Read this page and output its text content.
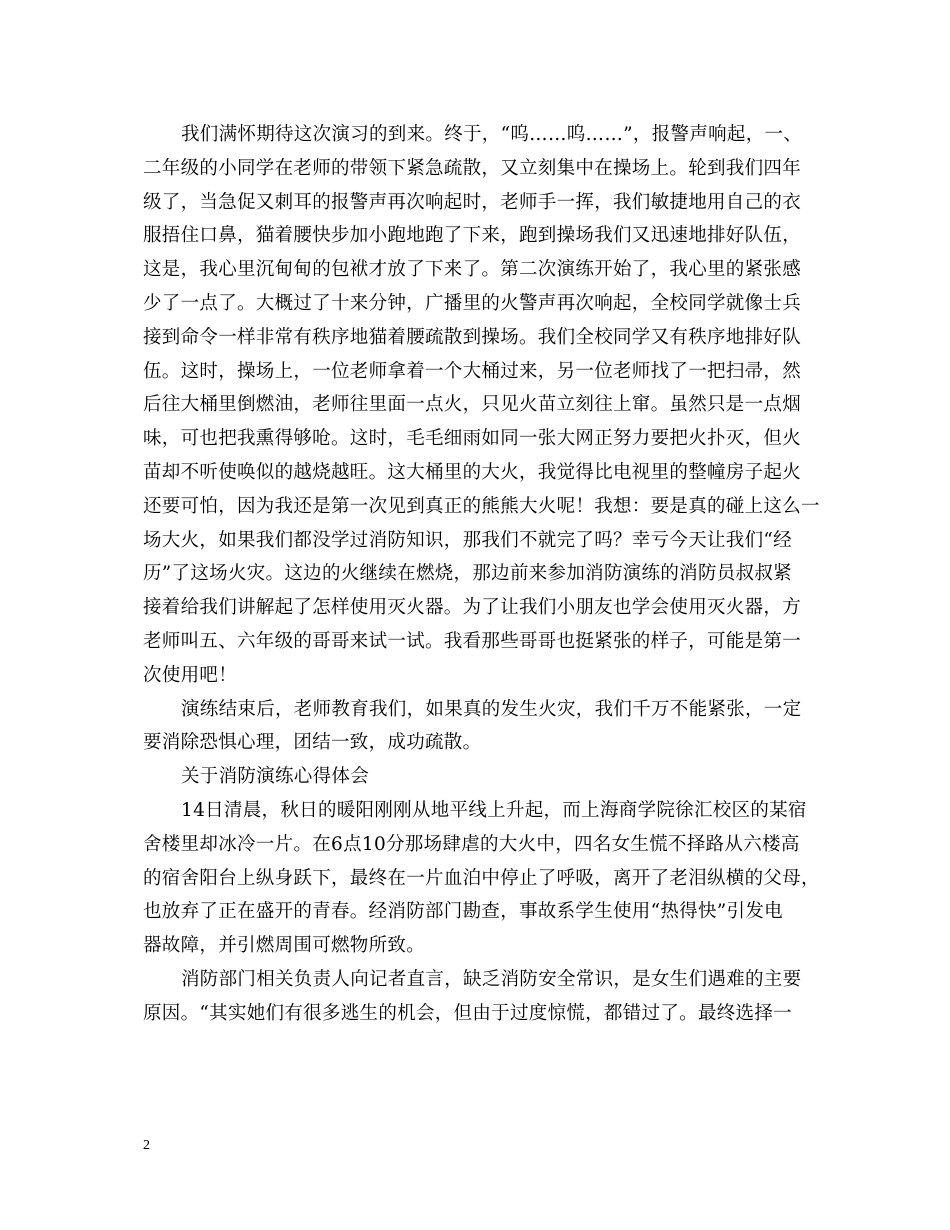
我们满怀期待这次演习的到来。终于，“呜……呜……”，报警声响起，一、
二年级的小同学在老师的带领下紧急疏散，又立刻集中在操场上。轮到我们四年
级了，当急促又刺耳的报警声再次响起时，老师手一挥，我们敏捷地用自己的衣
服捂住口鼻，猫着腰快步加小跑地跑了下来，跑到操场我们又迅速地排好队伍，
这是，我心里沉甸甸的包袱才放了下来了。第二次演练开始了，我心里的紧张感
少了一点了。大概过了十来分钟，广播里的火警声再次响起，全校同学就像士兵
接到命令一样非常有秩序地猫着腰疏散到操场。我们全校同学又有秩序地排好队
伍。这时，操场上，一位老师拿着一个大桶过来，另一位老师找了一把扫帚，然
后往大桶里倒燃油，老师往里面一点火，只见火苗立刻往上窜。虽然只是一点烟
味，可也把我熏得够呛。这时，毛毛细雨如同一张大网正努力要把火扑灭，但火
苗却不听使唤似的越烧越旺。这大桶里的大火，我觉得比电视里的整幢房子起火
还要可怕，因为我还是第一次见到真正的熊熊大火呢！我想：要是真的碰上这么一
场大火，如果我们都没学过消防知识，那我们不就完了吗？幸亏今天让我们“经
历”了这场火灾。这边的火继续在燃烧，那边前来参加消防演练的消防员叔叔紧
接着给我们讲解起了怎样使用灭火器。为了让我们小朋友也学会使用灭火器，方
老师叫五、六年级的哥哥来试一试。我看那些哥哥也挺紧张的样子，可能是第一
次使用吧！
演练结束后，老师教育我们，如果真的发生火灾，我们千万不能紧张，一定
要消除恐惧心理，团结一致，成功疏散。
关于消防演练心得体会
14日清晨，秋日的暖阳刚刚从地平线上升起，而上海商学院徐汇校区的某宿
舍楼里却冰冷一片。在6点10分那场肆虐的大火中，四名女生慌不择路从六楼高
的宿舍阳台上纵身跃下，最终在一片血泊中停止了呼吸，离开了老泪纵横的父母，
也放弃了正在盛开的青春。经消防部门勘查，事故系学生使用“热得快”引发电
器故障，并引燃周围可燃物所致。
消防部门相关负责人向记者直言，缺乏消防安全常识，是女生们遇难的主要
原因。“其实她们有很多逃生的机会，但由于过度惊慌，都错过了。最终选择一
2
